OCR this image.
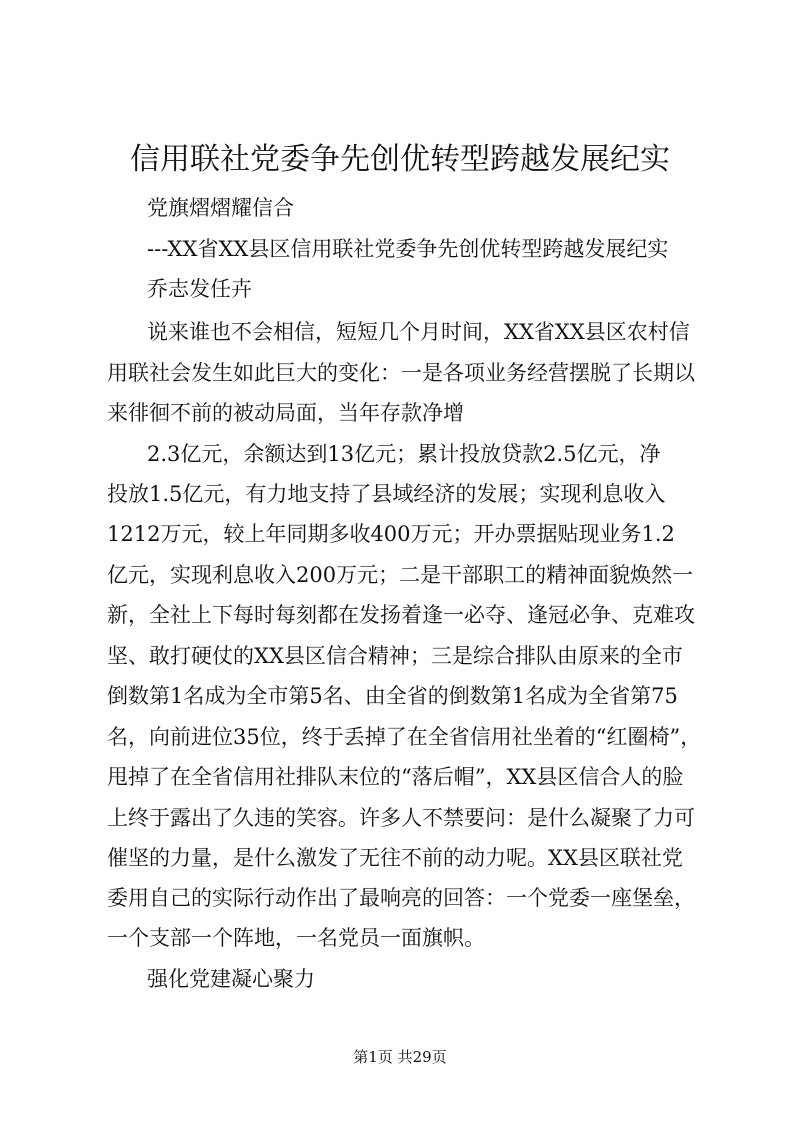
信用联社党委争先创优转型跨越发展纪实
党旗熠熠耀信合
---XX省XX县区信用联社党委争先创优转型跨越发展纪实
乔志发任卉
说来谁也不会相信，短短几个月时间，XX省XX县区农村信
用联社会发生如此巨大的变化：一是各项业务经营摆脱了长期以
来徘徊不前的被动局面，当年存款净增
2.3亿元，余额达到13亿元；累计投放贷款2.5亿元，净
投放1.5亿元，有力地支持了县域经济的发展；实现利息收入
1212万元，较上年同期多收400万元；开办票据贴现业务1.2
亿元，实现利息收入200万元；二是干部职工的精神面貌焕然一
新，全社上下每时每刻都在发扬着逢一必夺、逢冠必争、克难攻
坚、敢打硬仗的XX县区信合精神；三是综合排队由原来的全市
倒数第1名成为全市第5名、由全省的倒数第1名成为全省第75
名，向前进位35位，终于丢掉了在全省信用社坐着的“红圈椅”，
甩掉了在全省信用社排队末位的“落后帽”，XX县区信合人的脸
上终于露出了久违的笑容。许多人不禁要问：是什么凝聚了力可
催坚的力量，是什么激发了无往不前的动力呢。XX县区联社党
委用自己的实际行动作出了最响亮的回答：一个党委一座堡垒，
一个支部一个阵地，一名党员一面旗帜。
强化党建凝心聚力
第1页 共29页
